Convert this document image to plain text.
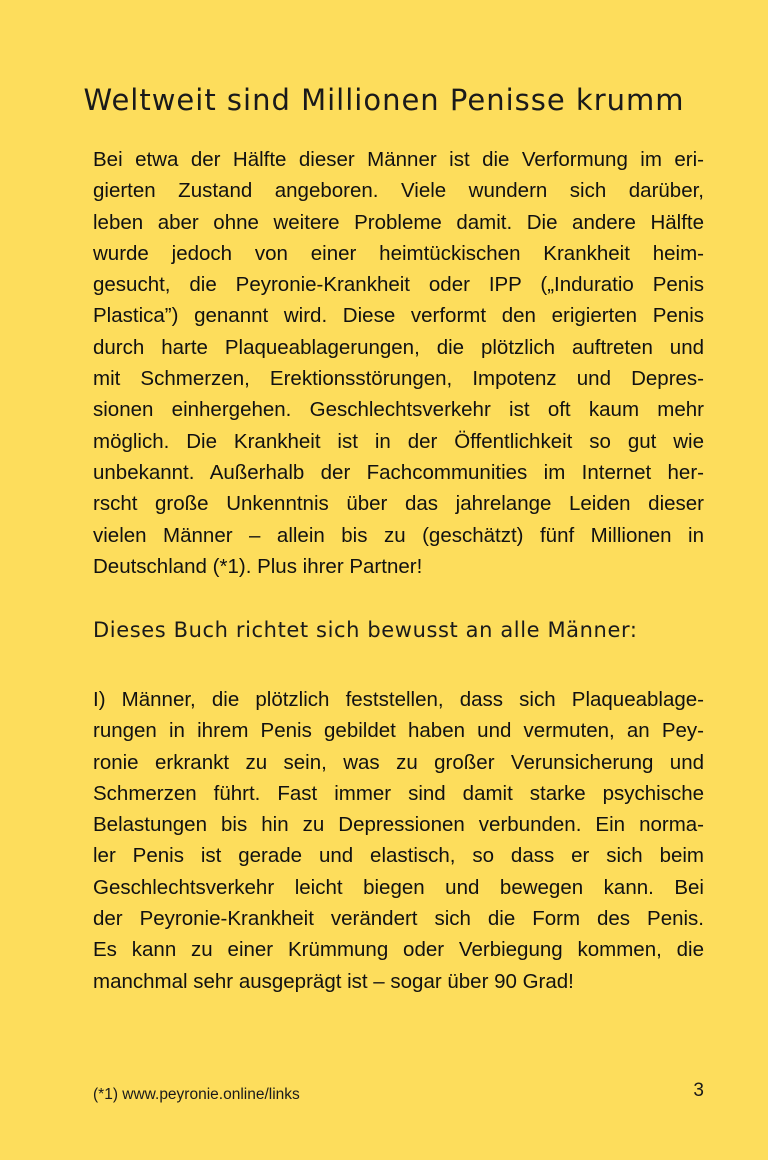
Weltweit sind Millionen Penisse krumm
Bei etwa der Hälfte dieser Männer ist die Verformung im eri-
gierten Zustand angeboren. Viele wundern sich darüber,
leben aber ohne weitere Probleme damit. Die andere Hälfte
wurde jedoch von einer heimtückischen Krankheit heim-
gesucht, die Peyronie-Krankheit oder IPP („Induratio Penis
Plastica”) genannt wird. Diese verformt den erigierten Penis
durch harte Plaqueablagerungen, die plötzlich auftreten und
mit Schmerzen, Erektionsstörungen, Impotenz und Depres-
sionen einhergehen. Geschlechtsverkehr ist oft kaum mehr
möglich. Die Krankheit ist in der Öffentlichkeit so gut wie
unbekannt. Außerhalb der Fachcommunities im Internet her-
rscht große Unkenntnis über das jahrelange Leiden dieser
vielen Männer – allein bis zu (geschätzt) fünf Millionen in
Deutschland (*1). Plus ihrer Partner!
Dieses Buch richtet sich bewusst an alle Männer:
I) Männer, die plötzlich feststellen, dass sich Plaqueablage-
rungen in ihrem Penis gebildet haben und vermuten, an Pey-
ronie erkrankt zu sein, was zu großer Verunsicherung und
Schmerzen führt. Fast immer sind damit starke psychische
Belastungen bis hin zu Depressionen verbunden. Ein norma-
ler Penis ist gerade und elastisch, so dass er sich beim
Geschlechtsverkehr leicht biegen und bewegen kann. Bei
der Peyronie-Krankheit verändert sich die Form des Penis.
Es kann zu einer Krümmung oder Verbiegung kommen, die
manchmal sehr ausgeprägt ist – sogar über 90 Grad!
(*1) www.peyronie.online/links	3
